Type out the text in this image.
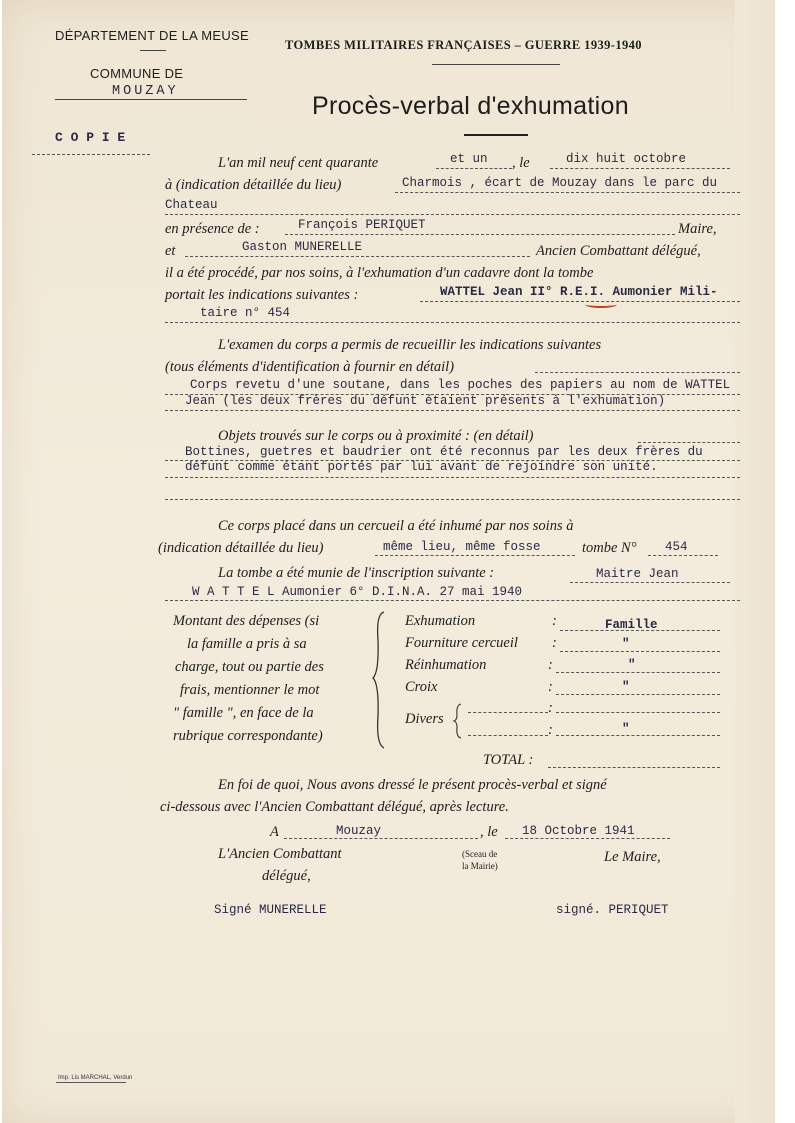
DÉPARTEMENT DE LA MEUSE
COMMUNE DE
MOUZAY
TOMBES MILITAIRES FRANÇAISES – GUERRE 1939-1940
Procès-verbal d'exhumation
C O P I E
L'an mil neuf cent quarante	et un , le	dix huit octobre
à (indication détaillée du lieu)	Charmois , écart de Mouzay dans le parc du
Chateau
en présence de :	François PERIQUET	Maire,
et	Gaston MUNERELLE	Ancien Combattant délégué,
il a été procédé, par nos soins, à l'exhumation d'un cadavre dont la tombe
portait les indications suivantes :	WATTEL Jean II° R.E.I. Aumonier Mili-
taire n° 454
L'examen du corps a permis de recueillir les indications suivantes
(tous éléments d'identification à fournir en détail)
Corps revetu d'une soutane, dans les poches des papiers au nom de WATTEL
Jean (les deux frères du défunt étaient présents à l'exhumation)
Objets trouvés sur le corps ou à proximité : (en détail)
Bottines, guetres et baudrier ont été reconnus par les deux frères du
défunt comme étant portés par lui avant de rejoindre son unité.
Ce corps placé dans un cercueil a été inhumé par nos soins à
(indication détaillée du lieu)	même lieu, même fosse	tombe N° 454
La tombe a été munie de l'inscription suivante :	Maitre Jean
W A T T E L Aumonier 6° D.I.N.A. 27 mai 1940
Montant des dépenses (si
la famille a pris à sa
charge, tout ou partie des
frais, mentionner le mot
" famille ", en face de la
rubrique correspondante)
Exhumation	:	Famille
Fourniture cercueil :	"
Réinhumation	:	"
Croix	:	"
Divers
:
:	"
TOTAL :
En foi de quoi, Nous avons dressé le présent procès-verbal et signé
ci-dessous avec l'Ancien Combattant délégué, après lecture.
A	Mouzay	, le 18 Octobre 1941
L'Ancien Combattant
délégué,
(Sceau de
la Mairie)
Le Maire,
Signé MUNERELLE	signé. PERIQUET
Imp. Lis MARCHAL, Verdun
